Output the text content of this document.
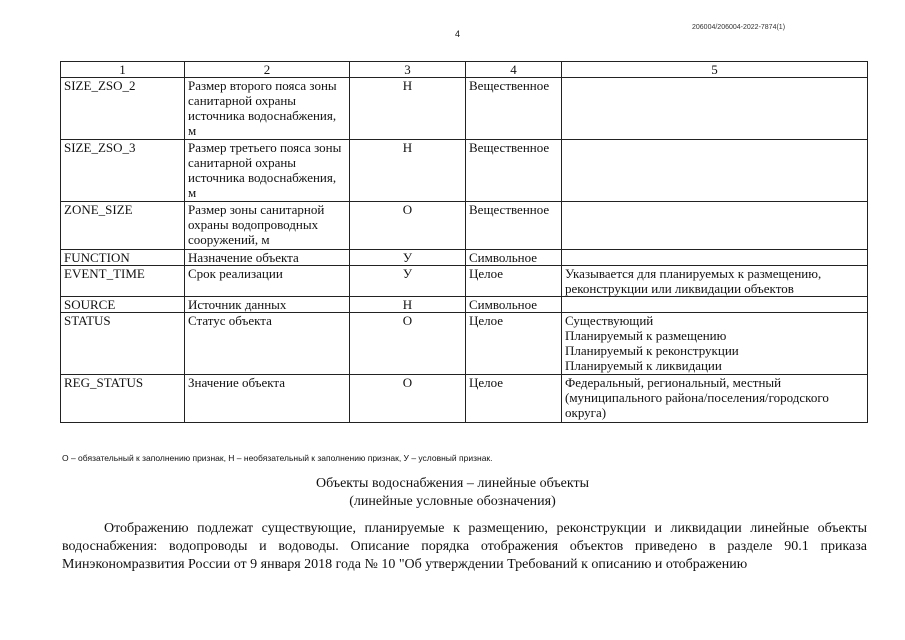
4
206004/206004-2022-7874(1)
1	2	3	4	5
SIZE_ZSO_2	Размер второго пояса зоны санитарной охраны источника водоснабжения, м	Н	Вещественное	
SIZE_ZSO_3	Размер третьего пояса зоны санитарной охраны источника водоснабжения, м	Н	Вещественное	
ZONE_SIZE	Размер зоны санитарной охраны водопроводных сооружений, м	О	Вещественное	
FUNCTION	Назначение объекта	У	Символьное	
EVENT_TIME	Срок реализации	У	Целое	Указывается для планируемых к размещению, реконструкции или ликвидации объектов
SOURCE	Источник данных	Н	Символьное	
STATUS	Статус объекта	О	Целое	Существующий
Планируемый к размещению
Планируемый к реконструкции
Планируемый к ликвидации
REG_STATUS	Значение объекта	О	Целое	Федеральный, региональный, местный (муниципального района/поселения/городского округа)
О – обязательный к заполнению признак, Н – необязательный к заполнению признак, У – условный признак.
Объекты водоснабжения – линейные объекты
(линейные условные обозначения)
Отображению подлежат существующие, планируемые к размещению, реконструкции и ликвидации линейные объекты водоснабжения: водопроводы и водоводы. Описание порядка отображения объектов приведено в разделе 90.1 приказа Минэкономразвития России от 9 января 2018 года № 10 "Об утверждении Требований к описанию и отображению
